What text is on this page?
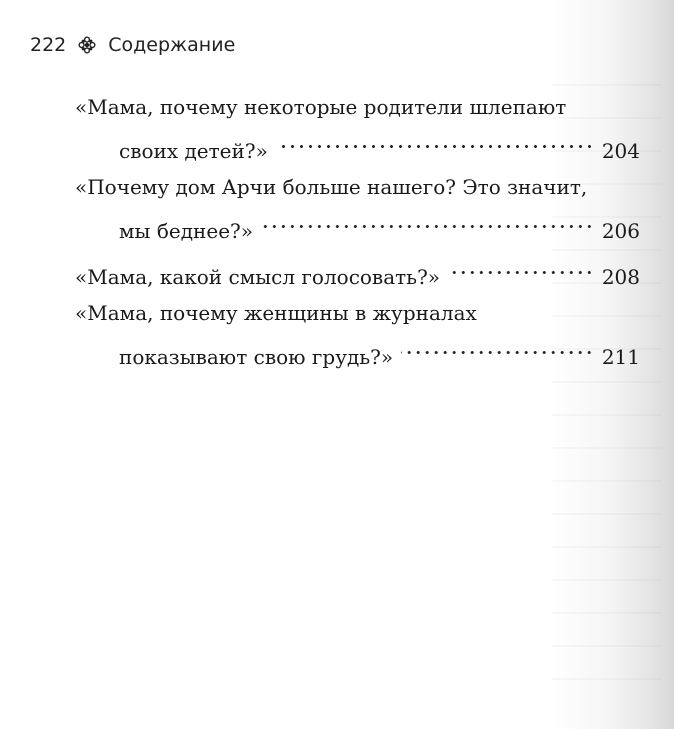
222 Содержание
«Мама, почему некоторые родители шлепают
своих детей?»	204
«Почему дом Арчи больше нашего? Это значит,
мы беднее?»	206
«Мама, какой смысл голосовать?»	208
«Мама, почему женщины в журналах
показывают свою грудь?»	211
